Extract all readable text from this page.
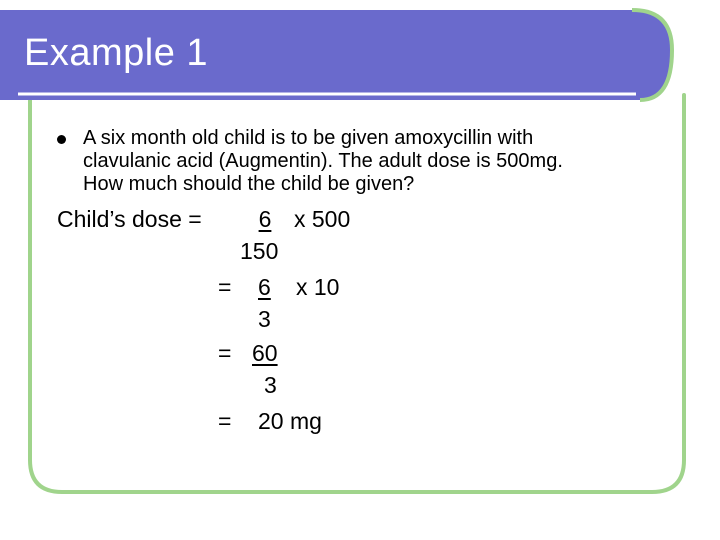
Example 1
A six month old child is to be given amoxycillin with
clavulanic acid (Augmentin). The adult dose is 500mg.
How much should the child be given?
Child’s dose =	6 x 500
150
= 6 x 10
3
= 60
3
= 20 mg
